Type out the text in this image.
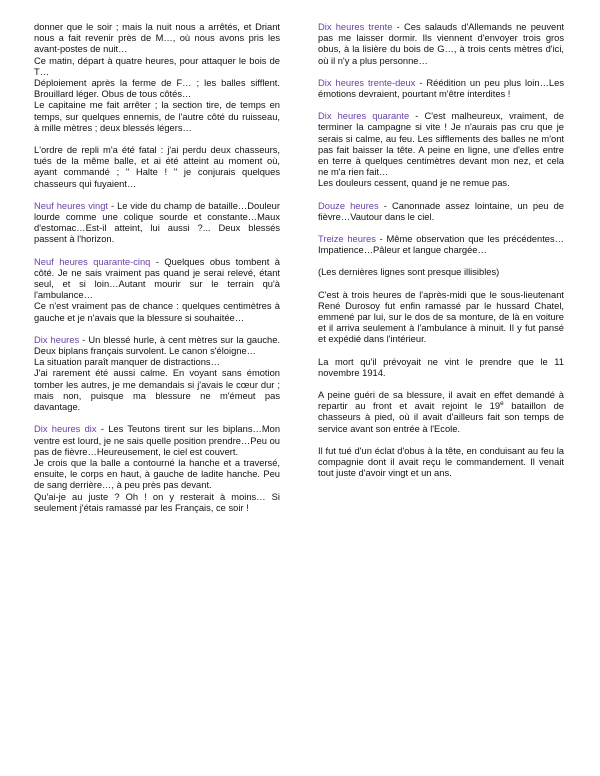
donner que le soir ; mais la nuit nous a arrêtés, et Driant nous a fait revenir près de M…, où nous avons pris les avant-postes de nuit…
Ce matin, départ à quatre heures, pour attaquer le bois de T…
Déploiement après la ferme de F… ; les balles sifflent. Brouillard léger. Obus de tous côtés…
Le capitaine me fait arrêter ; la section tire, de temps en temps, sur quelques ennemis, de l'autre côté du ruisseau, à mille mètres ; deux blessés légers…
L'ordre de repli m'a été fatal : j'ai perdu deux chasseurs, tués de la même balle, et ai été atteint au moment où, ayant commandé ; " Halte ! " je conjurais quelques chasseurs qui fuyaient…
Neuf heures vingt - Le vide du champ de bataille…Douleur lourde comme une colique sourde et constante…Maux d'estomac…Est-il atteint, lui aussi ?... Deux blessés passent à l'horizon.
Neuf heures quarante-cinq - Quelques obus tombent à côté. Je ne sais vraiment pas quand je serai relevé, étant seul, et si loin…Autant mourir sur le terrain qu'à l'ambulance…
Ce n'est vraiment pas de chance : quelques centimètres à gauche et je n'avais que la blessure si souhaitée…
Dix heures - Un blessé hurle, à cent mètres sur la gauche. Deux biplans français survolent. Le canon s'éloigne…
La situation paraît manquer de distractions…
J'ai rarement été aussi calme. En voyant sans émotion tomber les autres, je me demandais si j'avais le cœur dur ; mais non, puisque ma blessure ne m'émeut pas davantage.
Dix heures dix - Les Teutons tirent sur les biplans…Mon ventre est lourd, je ne sais quelle position prendre…Peu ou pas de fièvre…Heureusement, le ciel est couvert.
Je crois que la balle a contourné la hanche et a traversé, ensuite, le corps en haut, à gauche de ladite hanche. Peu de sang derrière…, à peu près pas devant.
Qu'ai-je au juste ? Oh ! on y resterait à moins… Si seulement j'étais ramassé par les Français, ce soir !
Dix heures trente - Ces salauds d'Allemands ne peuvent pas me laisser dormir. Ils viennent d'envoyer trois gros obus, à la lisière du bois de G…, à trois cents mètres d'ici, où il n'y a plus personne…
Dix heures trente-deux - Réédition un peu plus loin…Les émotions devraient, pourtant m'être interdites !
Dix heures quarante - C'est malheureux, vraiment, de terminer la campagne si vite ! Je n'aurais pas cru que je serais si calme, au feu. Les sifflements des balles ne m'ont pas fait baisser la tête. A peine en ligne, une d'elles entre en terre à quelques centimètres devant mon nez, et cela ne m'a rien fait…
Les douleurs cessent, quand je ne remue pas.
Douze heures - Canonnade assez lointaine, un peu de fièvre…Vautour dans le ciel.
Treize heures - Même observation que les précédentes…Impatience…Pâleur et langue chargée…
(Les dernières lignes sont presque illisibles)
C'est à trois heures de l'après-midi que le sous-lieutenant René Durosoy fut enfin ramassé par le hussard Chatel, emmené par lui, sur le dos de sa monture, de là en voiture et il arriva seulement à l'ambulance à minuit. Il y fut pansé et expédié dans l'intérieur.
La mort qu'il prévoyait ne vint le prendre que le 11 novembre 1914.
A peine guéri de sa blessure, il avait en effet demandé à repartir au front et avait rejoint le 19e bataillon de chasseurs à pied, où il avait d'ailleurs fait son temps de service avant son entrée à l'Ecole.
Il fut tué d'un éclat d'obus à la tête, en conduisant au feu la compagnie dont il avait reçu le commandement. Il venait tout juste d'avoir vingt et un ans.
